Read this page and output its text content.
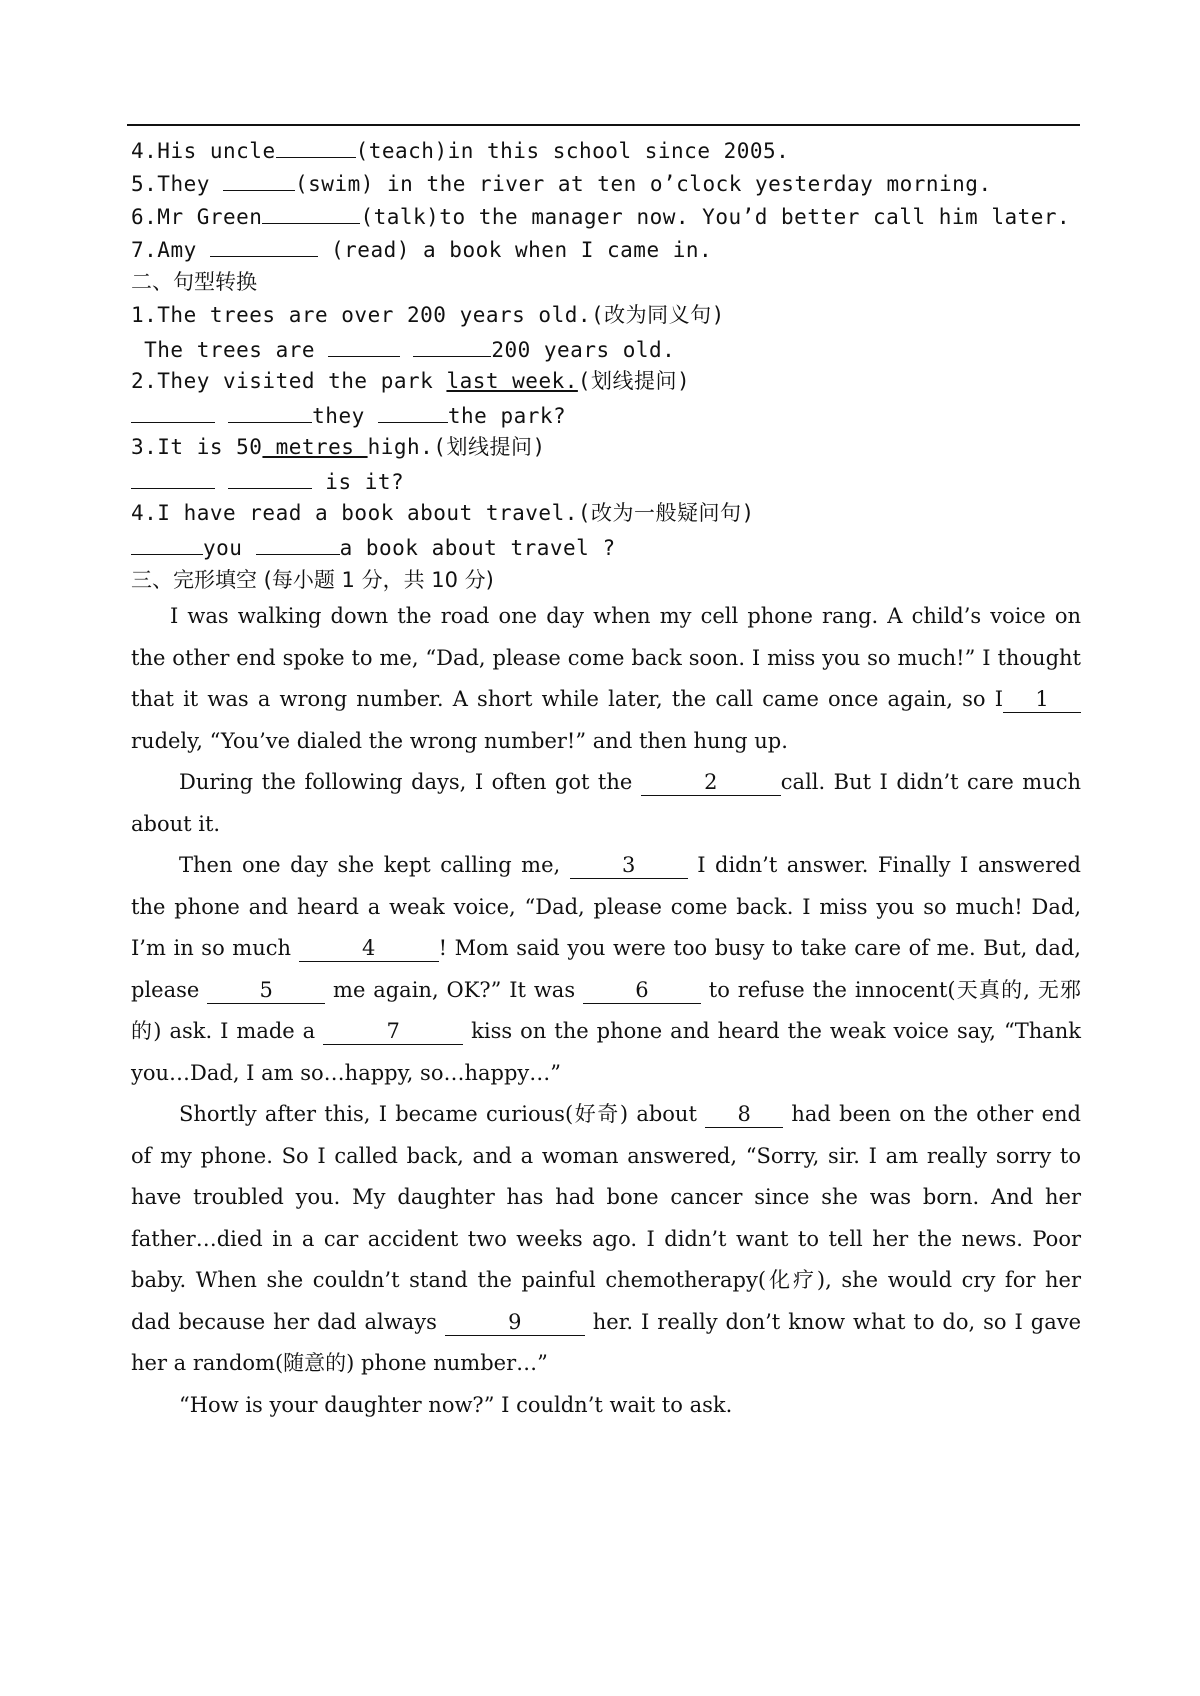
4.His uncle	(teach)in this school since 2005.
5.They	(swim) in the river at ten o’clock yesterday morning.
6.Mr Green	(talk)to the manager now. You’d better call him later.
7.Amy	(read) a book when I came in.
二、句型转换
1.The trees are over 200 years old.(改为同义句)
The trees are	200 years old.
2.They visited the park last week.(划线提问)
they	the park?
3.It is 50 metres high.(划线提问)
is it?
4.I have read a book about travel.(改为一般疑问句)
you	a book about travel ?
三、完形填空 (每小题 1 分，共 10 分)

I was walking down the road one day when my cell phone rang. A child’s voice on the other end spoke to me, “Dad, please come back soon. I miss you so much!” I thought that it was a wrong number. A short while later, the call came once again, so I 1rudely, “You’ve dialed the wrong number!” and then hung up.

During the following days, I often got the	2	call. But I didn’t care much about it.

Then one day she kept calling me, 3 I didn’t answer. Finally I answered the phone and heard a weak voice, “Dad, please come back. I miss you so much! Dad, I’m in so much	4	! Mom said you were too busy to take care of me. But, dad, please 5 me again, OK?” It was 6 to refuse the innocent(天真的, 无邪的) ask. I made a	7	kiss on the phone and heard the weak voice say, “Thank you…Dad, I am so…happy, so…happy…”

Shortly after this, I became curious(好奇) about 8 had been on the other end of my phone. So I called back, and a woman answered, “Sorry, sir. I am really sorry to have troubled you. My daughter has had bone cancer since she was born. And her father…died in a car accident two weeks ago. I didn’t want to tell her the news. Poor baby. When she couldn’t stand the painful chemotherapy(化疗), she would cry for her dad because her dad always	9	her. I really don’t know what to do, so I gave her a random(随意的) phone number…”

“How is your daughter now?” I couldn’t wait to ask.
